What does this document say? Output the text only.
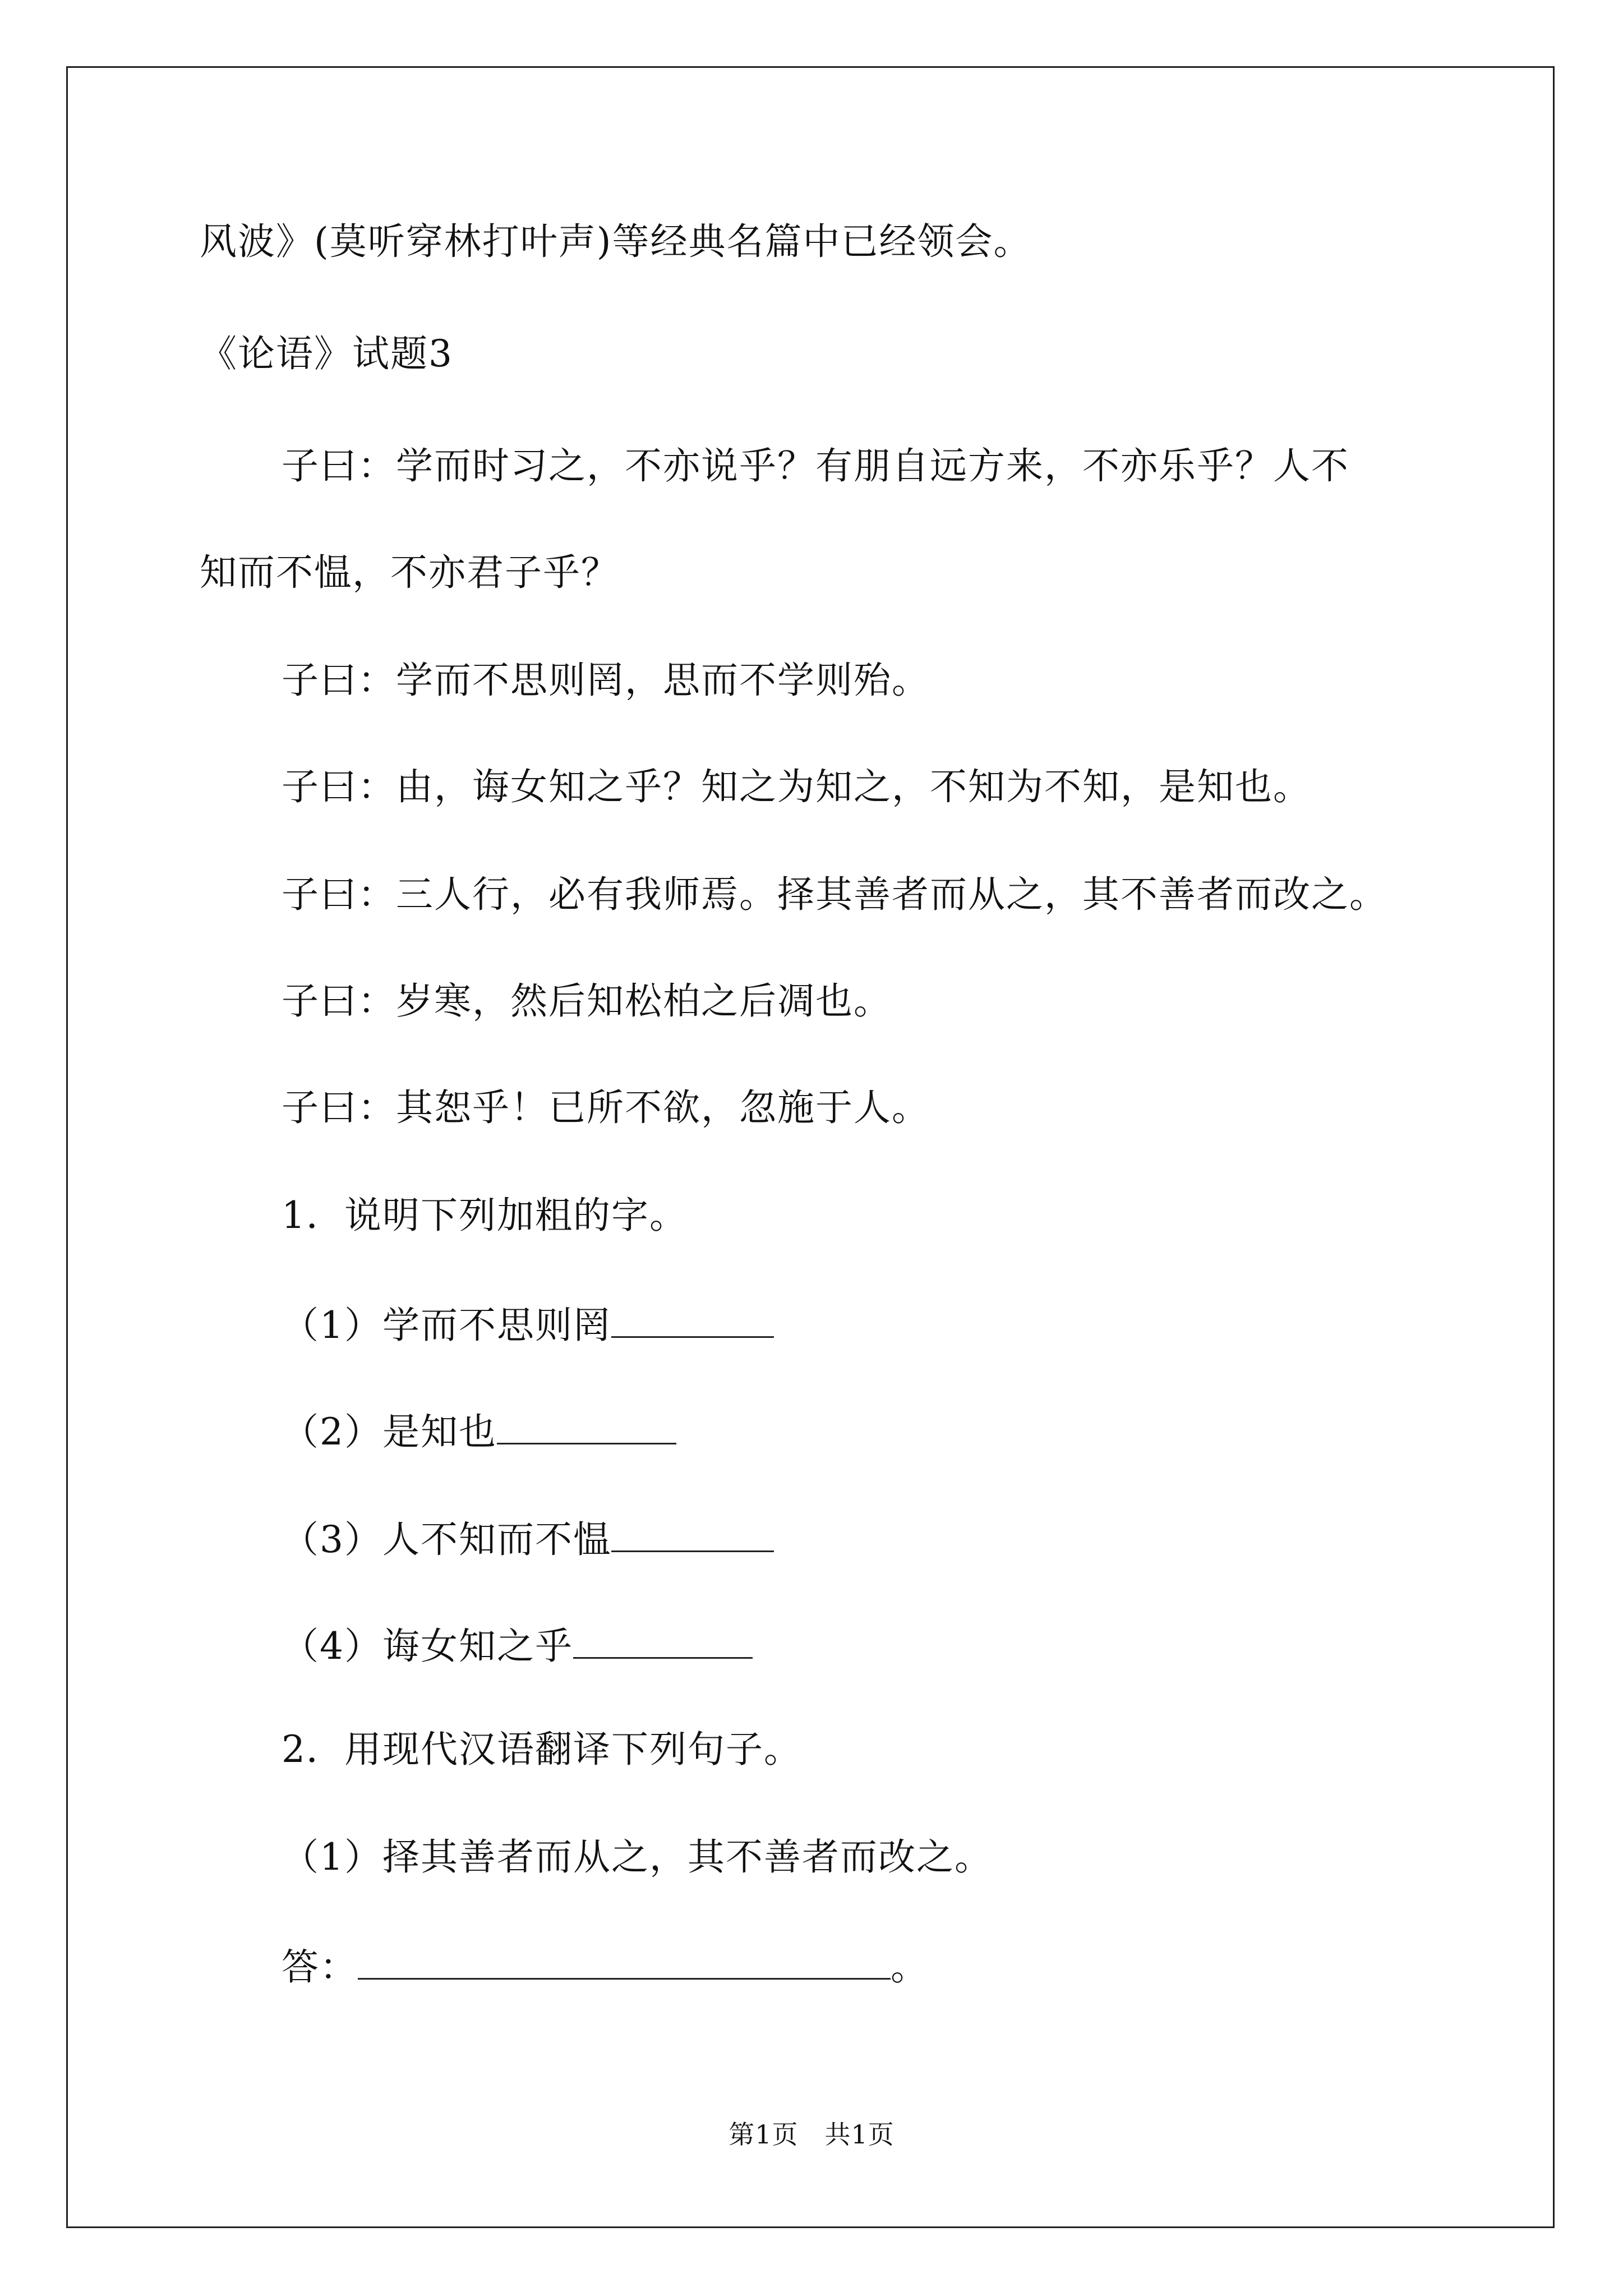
风波》(莫听穿林打叶声)等经典名篇中已经领会。
《论语》试题3
子曰：学而时习之，不亦说乎？有朋自远方来，不亦乐乎？人不
知而不愠，不亦君子乎？
子曰：学而不思则罔，思而不学则殆。
子曰：由，诲女知之乎？知之为知之，不知为不知，是知也。
子曰：三人行，必有我师焉。择其善者而从之，其不善者而改之。
子曰：岁寒，然后知松柏之后凋也。
子曰：其恕乎！已所不欲，忽施于人。
1．说明下列加粗的字。
（1）学而不思则罔
（2）是知也
（3）人不知而不愠
（4）诲女知之乎
2．用现代汉语翻译下列句子。
（1）择其善者而从之，其不善者而改之。
答：	。
第1页　共1页
